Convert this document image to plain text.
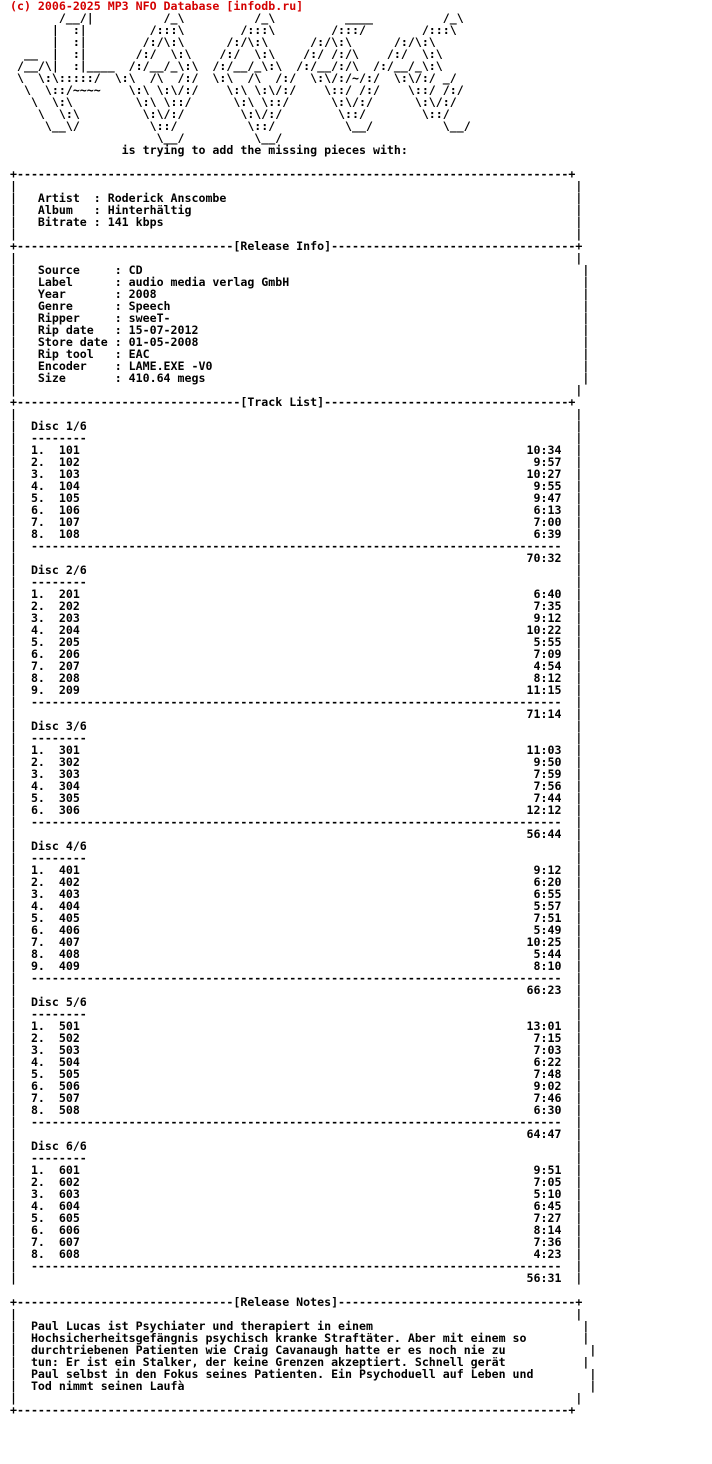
(c) 2006-2025 MP3 NFO Database [infodb.ru]
/__/|          /_\          /_\          ____          /_\
|  :|         /:::\        /:::\        /:::/        /:::\
|  :|        /:/\:\      /:/\:\      /:/\:\      /:/\:\
__  |  :|       /:/  \:\    /:/  \:\    /:/ /:/\    /:/  \:\
/__/\|  :|____  /:/__/_\:\  /:/__/_\:\  /:/__/:/\  /:/__/_\:\
\  \:\:::::/  \:\  /\  /:/  \:\  /\  /:/  \:\/:/~/:/  \:\/:/ _/
\  \::/~~~~    \:\ \:\/:/    \:\ \:\/:/    \::/ /:/    \::/ /:/
\  \:\         \:\ \::/      \:\ \::/      \:\/:/      \:\/:/
\  \:\         \:\/:/        \:\/:/        \::/        \::/
\__\/          \::/          \::/          \__/          \__/
\__/          \__/
is trying to add the missing pieces with:

+-------------------------------------------------------------------------------+
|                                                                                |
|   Artist  : Roderick Anscombe                                                  |
|   Album   : Hinterhältig                                                       |
|   Bitrate : 141 kbps                                                           |
|                                                                                |
+-------------------------------[Release Info]-----------------------------------+
|                                                                                |
|   Source     : CD                                                               |
|   Label      : audio media verlag GmbH                                          |
|   Year       : 2008                                                             |
|   Genre      : Speech                                                           |
|   Ripper     : sweeT-                                                           |
|   Rip date   : 15-07-2012                                                       |
|   Store date : 01-05-2008                                                       |
|   Rip tool   : EAC                                                              |
|   Encoder    : LAME.EXE -V0                                                     |
|   Size       : 410.64 megs                                                      |
|                                                                                |
+--------------------------------[Track List]-----------------------------------+
|                                                                                |
|  Disc 1/6                                                                      |
|  --------                                                                      |
|  1.  101                                                                10:34  |
|  2.  102                                                                 9:57  |
|  3.  103                                                                10:27  |
|  4.  104                                                                 9:55  |
|  5.  105                                                                 9:47  |
|  6.  106                                                                 6:13  |
|  7.  107                                                                 7:00  |
|  8.  108                                                                 6:39  |
|  ----------------------------------------------------------------------------  |
|                                                                         70:32  |
|  Disc 2/6                                                                      |
|  --------                                                                      |
|  1.  201                                                                 6:40  |
|  2.  202                                                                 7:35  |
|  3.  203                                                                 9:12  |
|  4.  204                                                                10:22  |
|  5.  205                                                                 5:55  |
|  6.  206                                                                 7:09  |
|  7.  207                                                                 4:54  |
|  8.  208                                                                 8:12  |
|  9.  209                                                                11:15  |
|  ----------------------------------------------------------------------------  |
|                                                                         71:14  |
|  Disc 3/6                                                                      |
|  --------                                                                      |
|  1.  301                                                                11:03  |
|  2.  302                                                                 9:50  |
|  3.  303                                                                 7:59  |
|  4.  304                                                                 7:56  |
|  5.  305                                                                 7:44  |
|  6.  306                                                                12:12  |
|  ----------------------------------------------------------------------------  |
|                                                                         56:44  |
|  Disc 4/6                                                                      |
|  --------                                                                      |
|  1.  401                                                                 9:12  |
|  2.  402                                                                 6:20  |
|  3.  403                                                                 6:55  |
|  4.  404                                                                 5:57  |
|  5.  405                                                                 7:51  |
|  6.  406                                                                 5:49  |
|  7.  407                                                                10:25  |
|  8.  408                                                                 5:44  |
|  9.  409                                                                 8:10  |
|  ----------------------------------------------------------------------------  |
|                                                                         66:23  |
|  Disc 5/6                                                                      |
|  --------                                                                      |
|  1.  501                                                                13:01  |
|  2.  502                                                                 7:15  |
|  3.  503                                                                 7:03  |
|  4.  504                                                                 6:22  |
|  5.  505                                                                 7:48  |
|  6.  506                                                                 9:02  |
|  7.  507                                                                 7:46  |
|  8.  508                                                                 6:30  |
|  ----------------------------------------------------------------------------  |
|                                                                         64:47  |
|  Disc 6/6                                                                      |
|  --------                                                                      |
|  1.  601                                                                 9:51  |
|  2.  602                                                                 7:05  |
|  3.  603                                                                 5:10  |
|  4.  604                                                                 6:45  |
|  5.  605                                                                 7:27  |
|  6.  606                                                                 8:14  |
|  7.  607                                                                 7:36  |
|  8.  608                                                                 4:23  |
|  ----------------------------------------------------------------------------  |
|                                                                         56:31  |

+-------------------------------[Release Notes]----------------------------------+
|                                                                                |
|  Paul Lucas ist Psychiater und therapiert in einem                              |
|  Hochsicherheitsgefängnis psychisch kranke Straftäter. Aber mit einem so        |
|  durchtriebenen Patienten wie Craig Cavanaugh hatte er es noch nie zu            |
|  tun: Er ist ein Stalker, der keine Grenzen akzeptiert. Schnell gerät           |
|  Paul selbst in den Fokus seines Patienten. Ein Psychoduell auf Leben und        |
|  Tod nimmt seinen Laufà                                                          |
|                                                                                |
+-------------------------------------------------------------------------------+
